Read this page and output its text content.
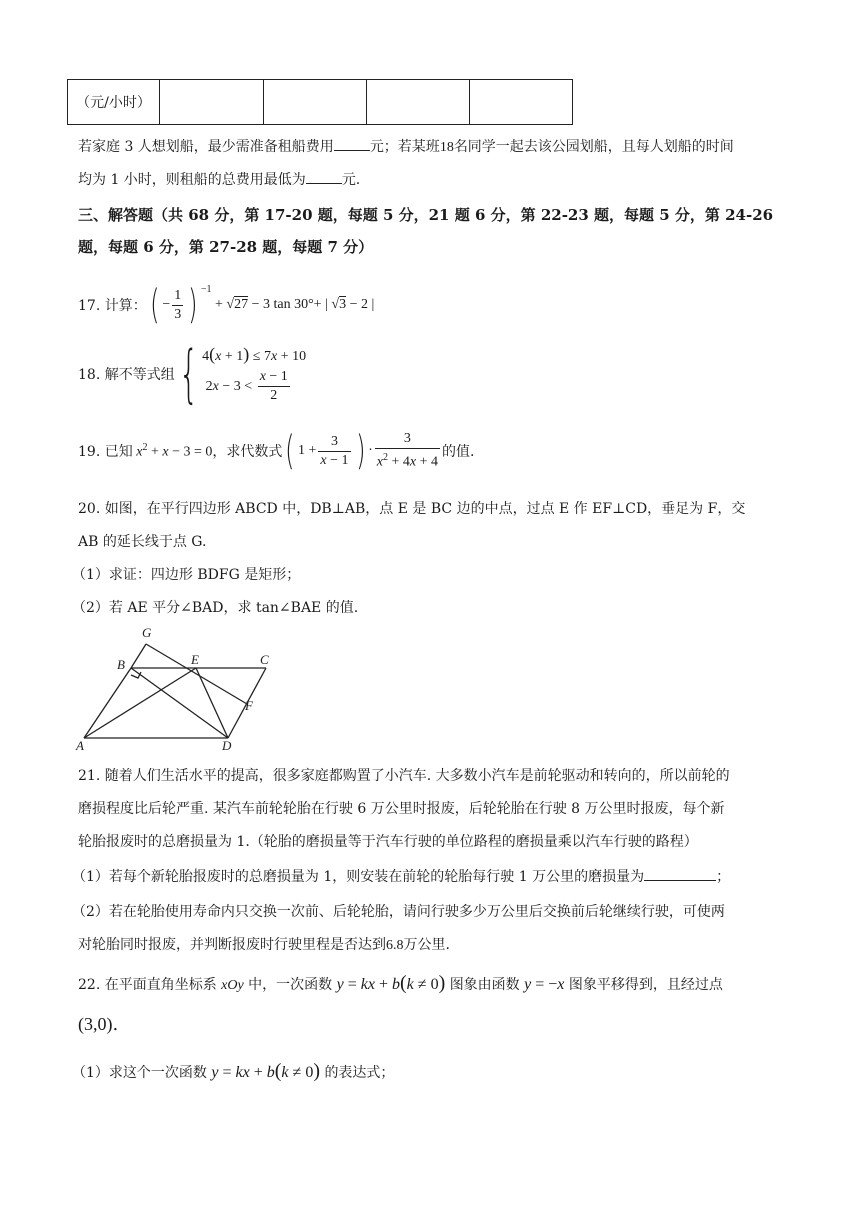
（元/小时）				
若家庭 3 人想划船，最少需准备租船费用	元；若某班18名同学一起去该公园划船，且每人划船的时间
均为 1 小时，则租船的总费用最低为	元.
三、解答题（共 68 分，第 17-20 题，每题 5 分，21 题 6 分，第 22-23 题，每题 5 分，第 24-26
题，每题 6 分，第 27-28 题，每题 7 分）
17. 计算： ( − $\frac{1}{3}$ ) $^{-1}$
+ √27 − 3 tan 30°+ | √3 − 2 |
18. 解不等式组 { 4(x + 1) ≤ 7x + 10
2 $x - 3 < \frac{x - 1}{2}$
19. 已知 $x^2 + x - 3 = 0$ ，求代数式 ( $1 + \frac{3}{x - 1}$ ) · $\frac{3}{x^2 + 4x + 4}$ 的值.
20. 如图，在平行四边形 ABCD 中，DB⊥AB，点 E 是 BC 边的中点，过点 E 作 EF⊥CD，垂足为 F，交
AB 的延长线于点 G.
（1）求证：四边形 BDFG 是矩形；
（2）若 AE 平分∠BAD，求 tan∠BAE 的值.
G
B	E	C
F
A	D
21. 随着人们生活水平的提高，很多家庭都购置了小汽车. 大多数小汽车是前轮驱动和转向的，所以前轮的
磨损程度比后轮严重. 某汽车前轮轮胎在行驶 6 万公里时报废，后轮轮胎在行驶 8 万公里时报废，每个新
轮胎报废时的总磨损量为 1.（轮胎的磨损量等于汽车行驶的单位路程的磨损量乘以汽车行驶的路程）
（1）若每个新轮胎报废时的总磨损量为 1，则安装在前轮的轮胎每行驶 1 万公里的磨损量为	；
（2）若在轮胎使用寿命内只交换一次前、后轮轮胎，请问行驶多少万公里后交换前后轮继续行驶，可使两
对轮胎同时报废，并判断报废时行驶里程是否达到6.8万公里.
22. 在平面直角坐标系 xOy 中，一次函数 y = kx + b(k ≠ 0) 图象由函数 y = −x 图象平移得到，且经过点
(3,0).
（1）求这个一次函数 y = kx + b(k ≠ 0) 的表达式；
